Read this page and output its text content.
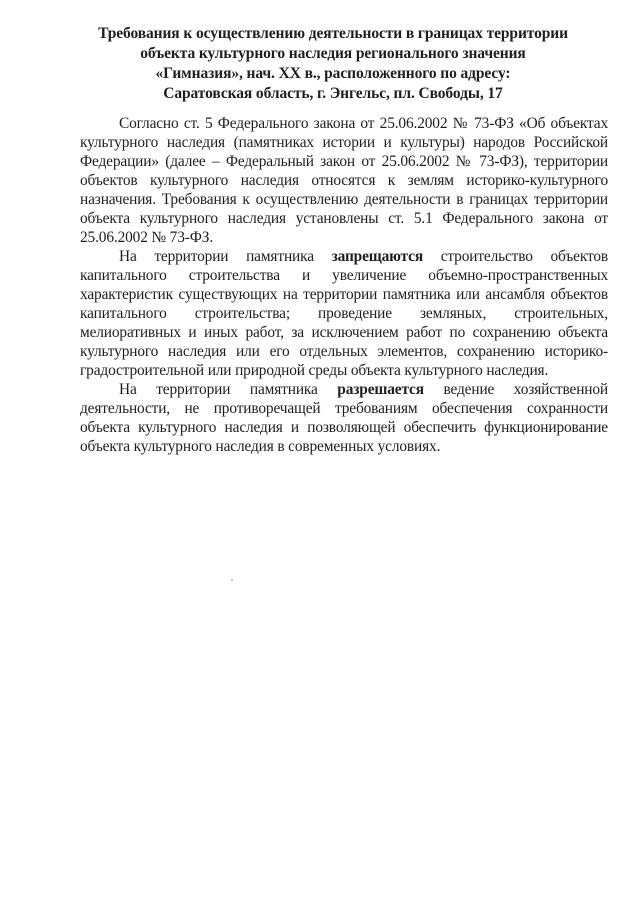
Требования к осуществлению деятельности в границах территории
объекта культурного наследия регионального значения
«Гимназия», нач. XX в., расположенного по адресу:
Саратовская область, г. Энгельс, пл. Свободы, 17
Согласно ст. 5 Федерального закона от 25.06.2002 № 73-ФЗ «Об объектах
культурного наследия (памятниках истории и культуры) народов Российской
Федерации» (далее – Федеральный закон от 25.06.2002 № 73-ФЗ), территории
объектов культурного наследия относятся к землям историко-культурного
назначения. Требования к осуществлению деятельности в границах территории
объекта культурного наследия установлены ст. 5.1 Федерального закона от
25.06.2002 № 73-ФЗ.
На территории памятника запрещаются строительство объектов
капитального строительства и увеличение объемно-пространственных
характеристик существующих на территории памятника или ансамбля объектов
капитального строительства; проведение земляных, строительных,
мелиоративных и иных работ, за исключением работ по сохранению объекта
культурного наследия или его отдельных элементов, сохранению историко-
градостроительной или природной среды объекта культурного наследия.
На территории памятника разрешается ведение хозяйственной
деятельности, не противоречащей требованиям обеспечения сохранности
объекта культурного наследия и позволяющей обеспечить функционирование
объекта культурного наследия в современных условиях.
